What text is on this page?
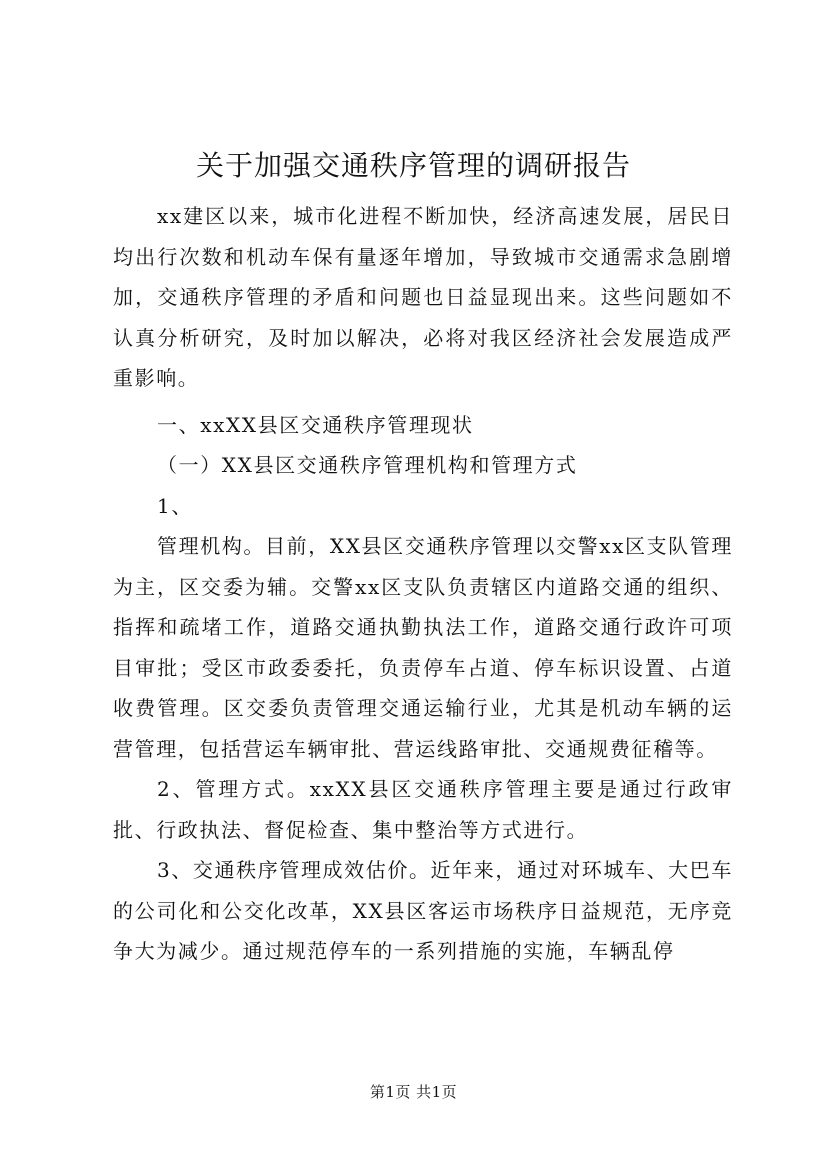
关于加强交通秩序管理的调研报告

xx建区以来，城市化进程不断加快，经济高速发展，居民日均出行次数和机动车保有量逐年增加，导致城市交通需求急剧增加，交通秩序管理的矛盾和问题也日益显现出来。这些问题如不认真分析研究，及时加以解决，必将对我区经济社会发展造成严重影响。

一、xxXX县区交通秩序管理现状

（一）XX县区交通秩序管理机构和管理方式

1、

管理机构。目前，XX县区交通秩序管理以交警xx区支队管理为主，区交委为辅。交警xx区支队负责辖区内道路交通的组织、指挥和疏堵工作，道路交通执勤执法工作，道路交通行政许可项目审批；受区市政委委托，负责停车占道、停车标识设置、占道收费管理。区交委负责管理交通运输行业，尤其是机动车辆的运营管理，包括营运车辆审批、营运线路审批、交通规费征稽等。

2、管理方式。xxXX县区交通秩序管理主要是通过行政审批、行政执法、督促检查、集中整治等方式进行。

3、交通秩序管理成效估价。近年来，通过对环城车、大巴车的公司化和公交化改革，XX县区客运市场秩序日益规范，无序竞争大为减少。通过规范停车的一系列措施的实施，车辆乱停

第1页 共1页
